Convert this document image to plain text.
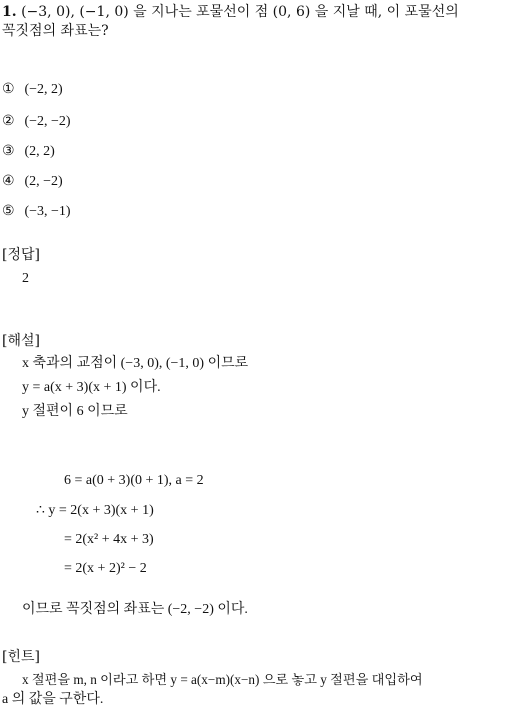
1. (−3, 0), (−1, 0) 을 지나는 포물선이 점 (0, 6) 을 지날 때, 이 포물선의
꼭짓점의 좌표는?
① (−2, 2)
② (−2, −2)
③ (2, 2)
④ (2, −2)
⑤ (−3, −1)
[정답]
2
[해설]
x 축과의 교점이 (−3, 0), (−1, 0) 이므로
y = a(x + 3)(x + 1) 이다.
y 절편이 6 이므로
6 = a(0 + 3)(0 + 1), a = 2
∴ y = 2(x + 3)(x + 1)
= 2(x² + 4x + 3)
= 2(x + 2)² − 2
이므로 꼭짓점의 좌표는 (−2, −2) 이다.
[힌트]
x 절편을 m, n 이라고 하면 y = a(x−m)(x−n) 으로 놓고 y 절편을 대입하여
a 의 값을 구한다.
